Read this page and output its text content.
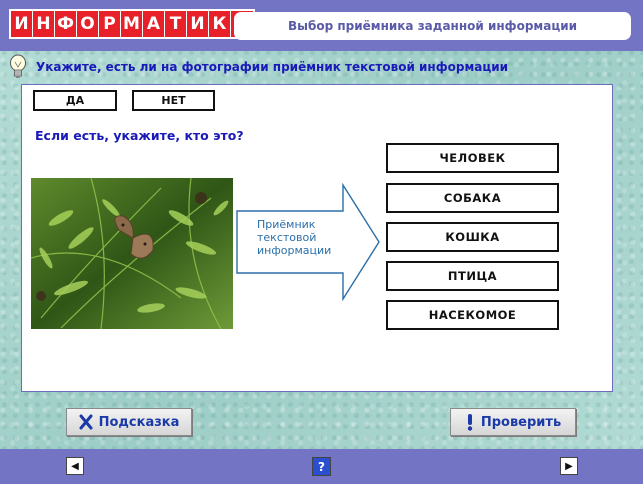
И Н Ф О Р М А Т И К	Выбор приёмника заданной информации
Укажите, есть ли на фотографии приёмник текстовой информации
ДА	НЕТ
Если есть, укажите, кто это?
Приёмник текстовой информации
ЧЕЛОВЕК
СОБАКА
КОШКА
ПТИЦА
НАСЕКОМОЕ
Подсказка	Проверить
◀	?	▶
